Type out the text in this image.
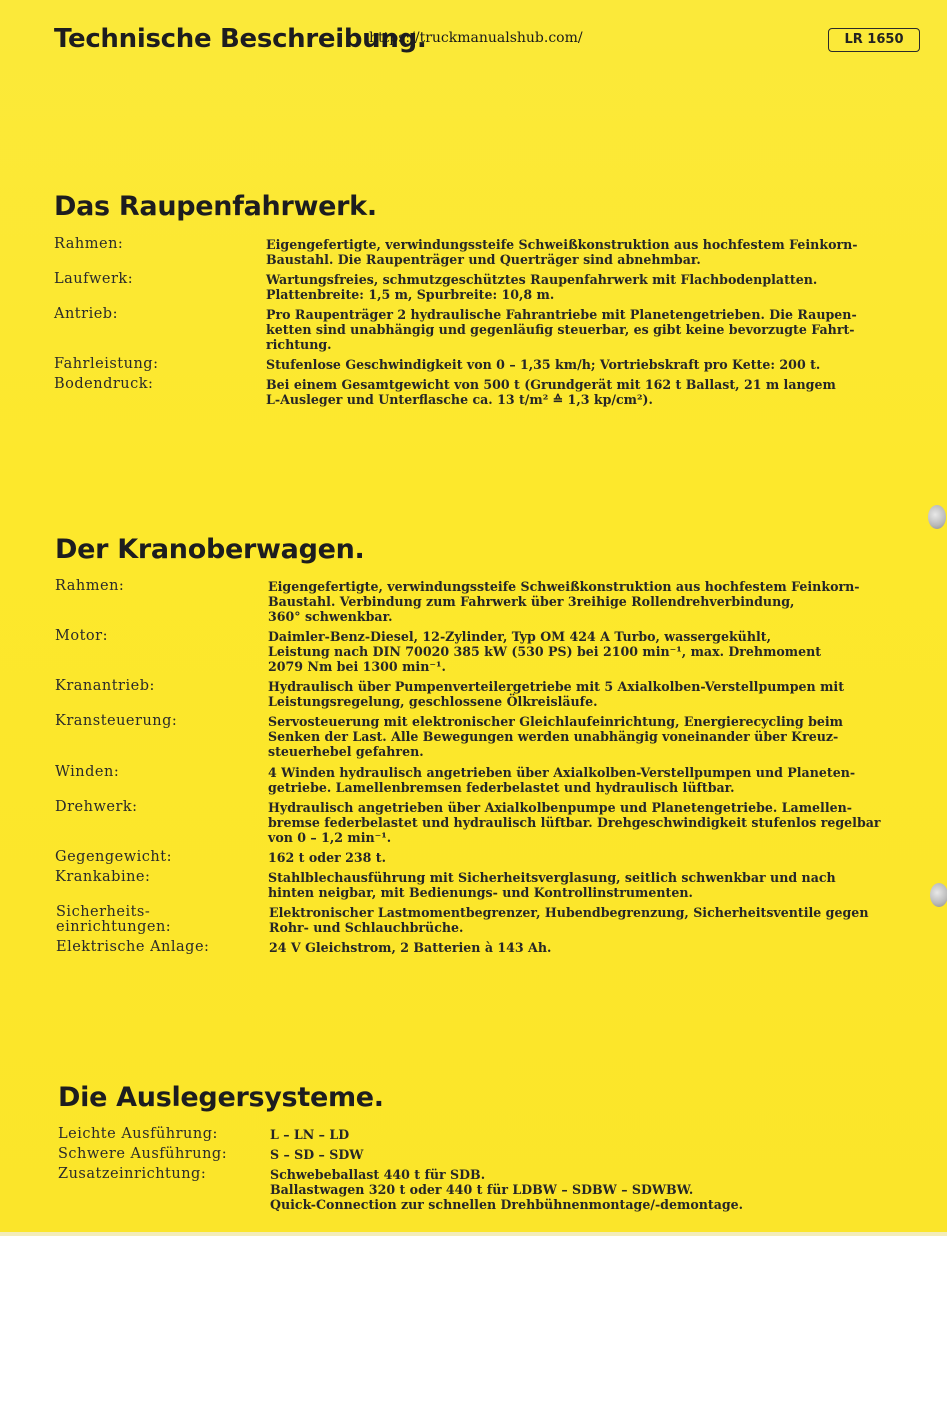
Technische Beschreibung.
https://truckmanualshub.com/	LR 1650
Das Raupenfahrwerk.
Rahmen:	Eigengefertigte, verwindungssteife Schweißkonstruktion aus hochfestem Feinkorn-
Baustahl. Die Raupenträger und Querträger sind abnehmbar.
Laufwerk:	Wartungsfreies, schmutzgeschütztes Raupenfahrwerk mit Flachbodenplatten.
Plattenbreite: 1,5 m, Spurbreite: 10,8 m.
Antrieb:	Pro Raupenträger 2 hydraulische Fahrantriebe mit Planetengetrieben. Die Raupen-
ketten sind unabhängig und gegenläufig steuerbar, es gibt keine bevorzugte Fahrt-
richtung.
Fahrleistung:	Stufenlose Geschwindigkeit von 0 – 1,35 km/h; Vortriebskraft pro Kette: 200 t.
Bodendruck:	Bei einem Gesamtgewicht von 500 t (Grundgerät mit 162 t Ballast, 21 m langem
L-Ausleger und Unterflasche ca. 13 t/m² ≙ 1,3 kp/cm²).
Der Kranoberwagen.
Rahmen:	Eigengefertigte, verwindungssteife Schweißkonstruktion aus hochfestem Feinkorn-
Baustahl. Verbindung zum Fahrwerk über 3reihige Rollendrehverbindung,
360° schwenkbar.
Motor:	Daimler-Benz-Diesel, 12-Zylinder, Typ OM 424 A Turbo, wassergekühlt,
Leistung nach DIN 70020 385 kW (530 PS) bei 2100 min⁻¹, max. Drehmoment
2079 Nm bei 1300 min⁻¹.
Kranantrieb:	Hydraulisch über Pumpenverteilergetriebe mit 5 Axialkolben-Verstellpumpen mit
Leistungsregelung, geschlossene Ölkreisläufe.
Kransteuerung:	Servosteuerung mit elektronischer Gleichlaufeinrichtung, Energierecycling beim
Senken der Last. Alle Bewegungen werden unabhängig voneinander über Kreuz-
steuerhebel gefahren.
Winden:	4 Winden hydraulisch angetrieben über Axialkolben-Verstellpumpen und Planeten-
getriebe. Lamellenbremsen federbelastet und hydraulisch lüftbar.
Drehwerk:	Hydraulisch angetrieben über Axialkolbenpumpe und Planetengetriebe. Lamellen-
bremse federbelastet und hydraulisch lüftbar. Drehgeschwindigkeit stufenlos regelbar
von 0 – 1,2 min⁻¹.
Gegengewicht:	162 t oder 238 t.
Krankabine:	Stahlblechausführung mit Sicherheitsverglasung, seitlich schwenkbar und nach
hinten neigbar, mit Bedienungs- und Kontrollinstrumenten.
Sicherheits-
einrichtungen:
Elektronischer Lastmomentbegrenzer, Hubendbegrenzung, Sicherheitsventile gegen
Rohr- und Schlauchbrüche.
Elektrische Anlage:	24 V Gleichstrom, 2 Batterien à 143 Ah.
Die Auslegersysteme.
Leichte Ausführung:	L – LN – LD
Schwere Ausführung:	S – SD – SDW
Zusatzeinrichtung:	Schwebeballast 440 t für SDB.
Ballastwagen 320 t oder 440 t für LDBW – SDBW – SDWBW.
Quick-Connection zur schnellen Drehbühnenmontage/-demontage.
